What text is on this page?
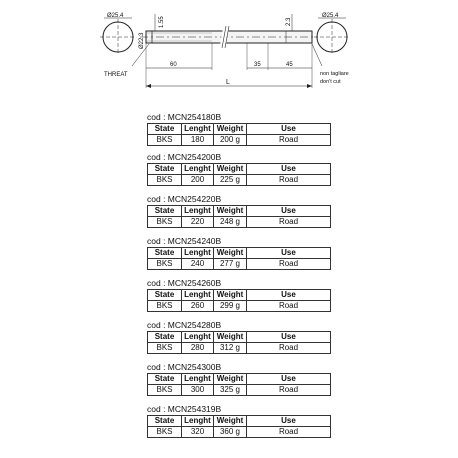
Ø25.4	Ø25.4
1.55	2.3
Ø22.3
60	35	45
L
THREAT	non tagliare
don't cut
cod : MCN254180B
State	Lenght	Weight	Use
BKS	180	200 g	Road
cod : MCN254200B
State	Lenght	Weight	Use
BKS	200	225 g	Road
cod : MCN254220B
State	Lenght	Weight	Use
BKS	220	248 g	Road
cod : MCN254240B
State	Lenght	Weight	Use
BKS	240	277 g	Road
cod : MCN254260B
State	Lenght	Weight	Use
BKS	260	299 g	Road
cod : MCN254280B
State	Lenght	Weight	Use
BKS	280	312 g	Road
cod : MCN254300B
State	Lenght	Weight	Use
BKS	300	325 g	Road
cod : MCN254319B
State	Lenght	Weight	Use
BKS	320	360 g	Road
